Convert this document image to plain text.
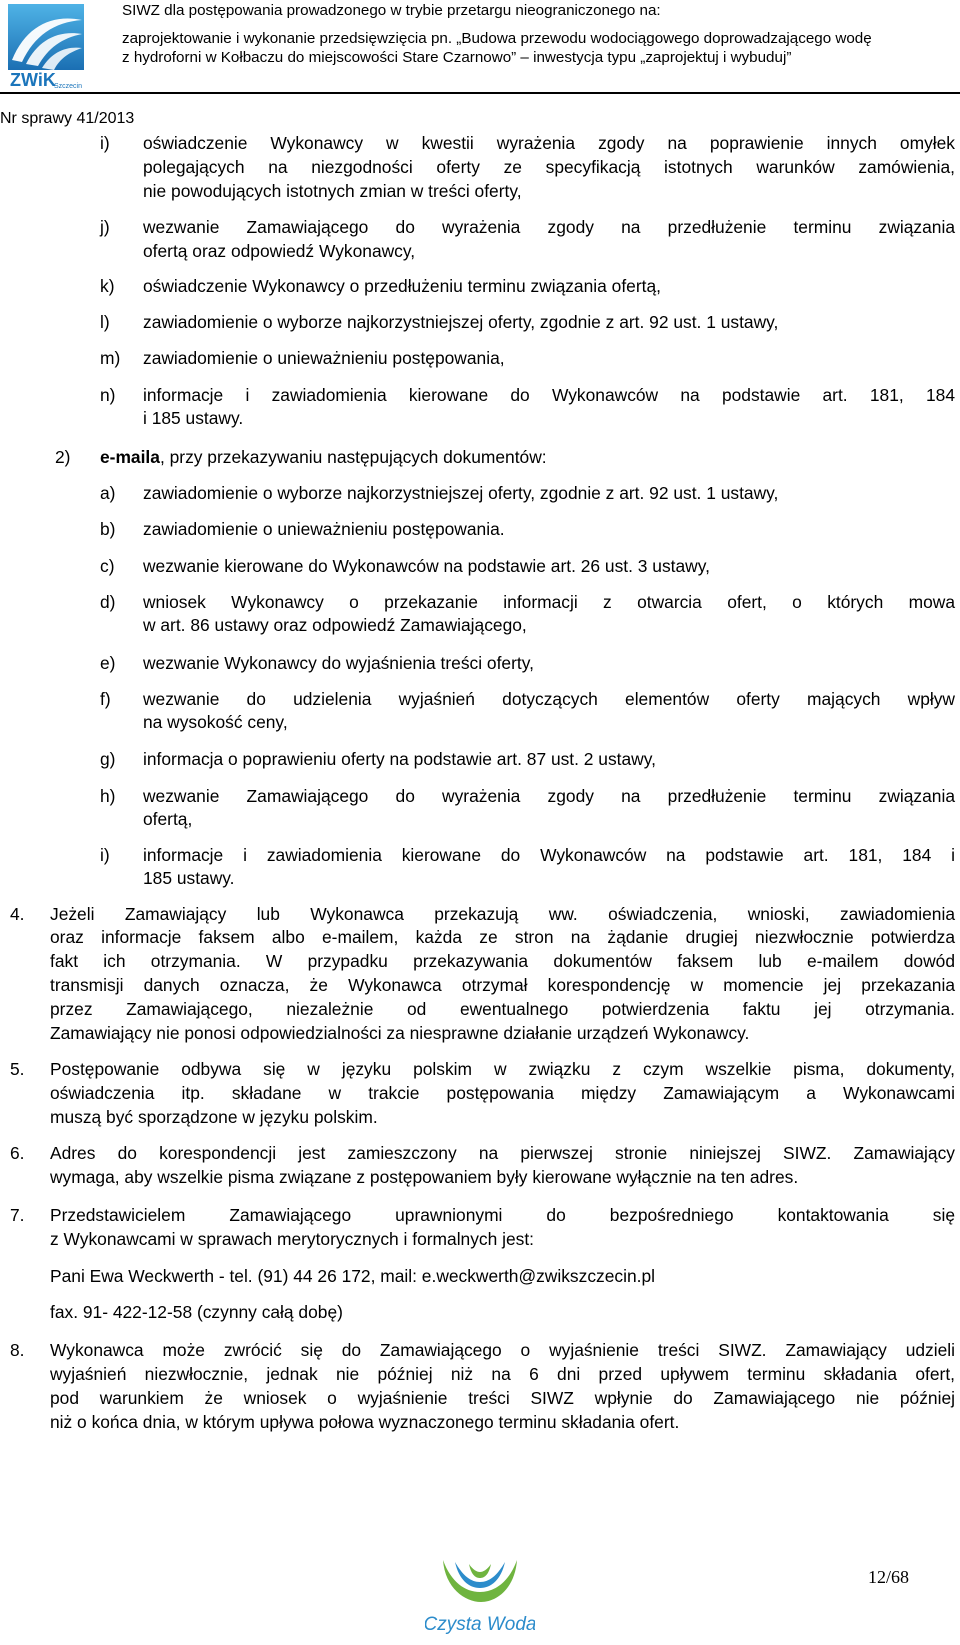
ZWiK
Szczecin
SIWZ dla postępowania prowadzonego w trybie przetargu nieograniczonego na:
zaprojektowanie i wykonanie przedsięwzięcia pn. „Budowa przewodu wodociągowego doprowadzającego wodę
z hydroforni w Kołbaczu do miejscowości Stare Czarnowo” – inwestycja typu „zaprojektuj i wybuduj”
Nr sprawy 41/2013
i) oświadczenie Wykonawcy w kwestii wyrażenia zgody na poprawienie innych omyłek
polegających na niezgodności oferty ze specyfikacją istotnych warunków zamówienia,
nie powodujących istotnych zmian w treści oferty,
j) wezwanie Zamawiającego do wyrażenia zgody na przedłużenie terminu związania
ofertą oraz odpowiedź Wykonawcy,
k) oświadczenie Wykonawcy o przedłużeniu terminu związania ofertą,
l) zawiadomienie o wyborze najkorzystniejszej oferty, zgodnie z art. 92 ust. 1 ustawy,
m) zawiadomienie o unieważnieniu postępowania,
n) informacje i zawiadomienia kierowane do Wykonawców na podstawie art. 181, 184
i 185 ustawy.
2) e-maila, przy przekazywaniu następujących dokumentów:
a) zawiadomienie o wyborze najkorzystniejszej oferty, zgodnie z art. 92 ust. 1 ustawy,
b) zawiadomienie o unieważnieniu postępowania.
c) wezwanie kierowane do Wykonawców na podstawie art. 26 ust. 3 ustawy,
d) wniosek Wykonawcy o przekazanie informacji z otwarcia ofert, o których mowa
w art. 86 ustawy oraz odpowiedź Zamawiającego,
e) wezwanie Wykonawcy do wyjaśnienia treści oferty,
f) wezwanie do udzielenia wyjaśnień dotyczących elementów oferty mających wpływ
na wysokość ceny,
g) informacja o poprawieniu oferty na podstawie art. 87 ust. 2 ustawy,
h) wezwanie Zamawiającego do wyrażenia zgody na przedłużenie terminu związania
ofertą,
i) informacje i zawiadomienia kierowane do Wykonawców na podstawie art. 181, 184 i
185 ustawy.
4. Jeżeli Zamawiający lub Wykonawca przekazują ww. oświadczenia, wnioski, zawiadomienia
oraz informacje faksem albo e-mailem, każda ze stron na żądanie drugiej niezwłocznie potwierdza
fakt ich otrzymania. W przypadku przekazywania dokumentów faksem lub e-mailem dowód
transmisji danych oznacza, że Wykonawca otrzymał korespondencję w momencie jej przekazania
przez Zamawiającego, niezależnie od ewentualnego potwierdzenia faktu jej otrzymania.
Zamawiający nie ponosi odpowiedzialności za niesprawne działanie urządzeń Wykonawcy.
5. Postępowanie odbywa się w języku polskim w związku z czym wszelkie pisma, dokumenty,
oświadczenia itp. składane w trakcie postępowania między Zamawiającym a Wykonawcami
muszą być sporządzone w języku polskim.
6. Adres do korespondencji jest zamieszczony na pierwszej stronie niniejszej SIWZ. Zamawiający
wymaga, aby wszelkie pisma związane z postępowaniem były kierowane wyłącznie na ten adres.
7. Przedstawicielem Zamawiającego uprawnionymi do bezpośredniego kontaktowania się
z Wykonawcami w sprawach merytorycznych i formalnych jest:
Pani Ewa Weckwerth - tel. (91) 44 26 172, mail: e.weckwerth@zwikszczecin.pl
fax. 91- 422-12-58 (czynny całą dobę)
8. Wykonawca może zwrócić się do Zamawiającego o wyjaśnienie treści SIWZ. Zamawiający udzieli
wyjaśnień niezwłocznie, jednak nie później niż na 6 dni przed upływem terminu składania ofert,
pod warunkiem że wniosek o wyjaśnienie treści SIWZ wpłynie do Zamawiającego nie później
niż o końca dnia, w którym upływa połowa wyznaczonego terminu składania ofert.
Czysta Woda
12/68
